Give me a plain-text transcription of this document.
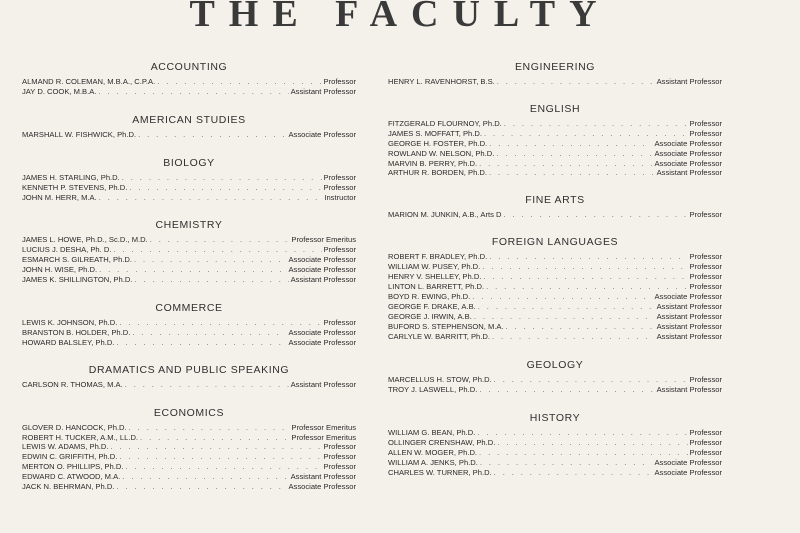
THE FACULTY
ACCOUNTING
ALMAND R. COLEMAN, M.B.A., C.P.A. . . .	Professor
JAY D. COOK, M.B.A. . . .	Assistant Professor
AMERICAN STUDIES
MARSHALL W. FISHWICK, Ph.D. . . .	Associate Professor
BIOLOGY
JAMES H. STARLING, Ph.D. . . .	Professor
KENNETH P. STEVENS, Ph.D. . . .	Professor
JOHN M. HERR, M.A. . . .	Instructor
CHEMISTRY
JAMES L. HOWE, Ph.D., Sc.D., M.D. . . .	Professor Emeritus
LUCIUS J. DESHA, Ph. D. . . .	Professor
ESMARCH S. GILREATH, Ph.D. . . .	Associate Professor
JOHN H. WISE, Ph.D. . . .	Associate Professor
JAMES K. SHILLINGTON, Ph.D. . . .	Assistant Professor
COMMERCE
LEWIS K. JOHNSON, Ph.D. . . .	Professor
BRANSTON B. HOLDER, Ph.D. . . .	Associate Professor
HOWARD BALSLEY, Ph.D. . . .	Associate Professor
DRAMATICS AND PUBLIC SPEAKING
CARLSON R. THOMAS, M.A. . . .	Assistant Professor
ECONOMICS
GLOVER D. HANCOCK, Ph.D. . . .	Professor Emeritus
ROBERT H. TUCKER, A.M., LL.D. . . .	Professor Emeritus
LEWIS W. ADAMS, Ph.D. . . .	Professor
EDWIN C. GRIFFITH, Ph.D. . . .	Professor
MERTON O. PHILLIPS, Ph.D. . . .	Professor
EDWARD C. ATWOOD, M.A. . . .	Assistant Professor
JACK N. BEHRMAN, Ph.D. . . .	Associate Professor
ENGINEERING
HENRY L. RAVENHORST, B.S. . . .	Assistant Professor
ENGLISH
FITZGERALD FLOURNOY, Ph.D. . . .	Professor
JAMES S. MOFFATT, Ph.D. . . .	Professor
GEORGE H. FOSTER, Ph.D. . . .	Associate Professor
ROWLAND W. NELSON, Ph.D. . . .	Associate Professor
MARVIN B. PERRY, Ph.D. . . .	Associate Professor
ARTHUR R. BORDEN, Ph.D. . . .	Assistant Professor
FINE ARTS
MARION M. JUNKIN, A.B., Arts D . . .	Professor
FOREIGN LANGUAGES
ROBERT F. BRADLEY, Ph.D. . . .	Professor
WILLIAM W. PUSEY, Ph.D. . . .	Professor
HENRY V. SHELLEY, Ph.D. . . .	Professor
LINTON L. BARRETT, Ph.D. . . .	Professor
BOYD R. EWING, Ph.D. . . .	Associate Professor
GEORGE F. DRAKE, A.B. . . .	Assistant Professor
GEORGE J. IRWIN, A.B. . . .	Assistant Professor
BUFORD S. STEPHENSON, M.A. . . .	Assistant Professor
CARLYLE W. BARRITT, Ph.D. . . .	Assistant Professor
GEOLOGY
MARCELLUS H. STOW, Ph.D. . . .	Professor
TROY J. LASWELL, Ph.D. . . .	Assistant Professor
HISTORY
WILLIAM G. BEAN, Ph.D. . . .	Professor
OLLINGER CRENSHAW, Ph.D. . . .	Professor
ALLEN W. MOGER, Ph.D. . . .	Professor
WILLIAM A. JENKS, Ph.D. . . .	Associate Professor
CHARLES W. TURNER, Ph.D. . . .	Associate Professor
